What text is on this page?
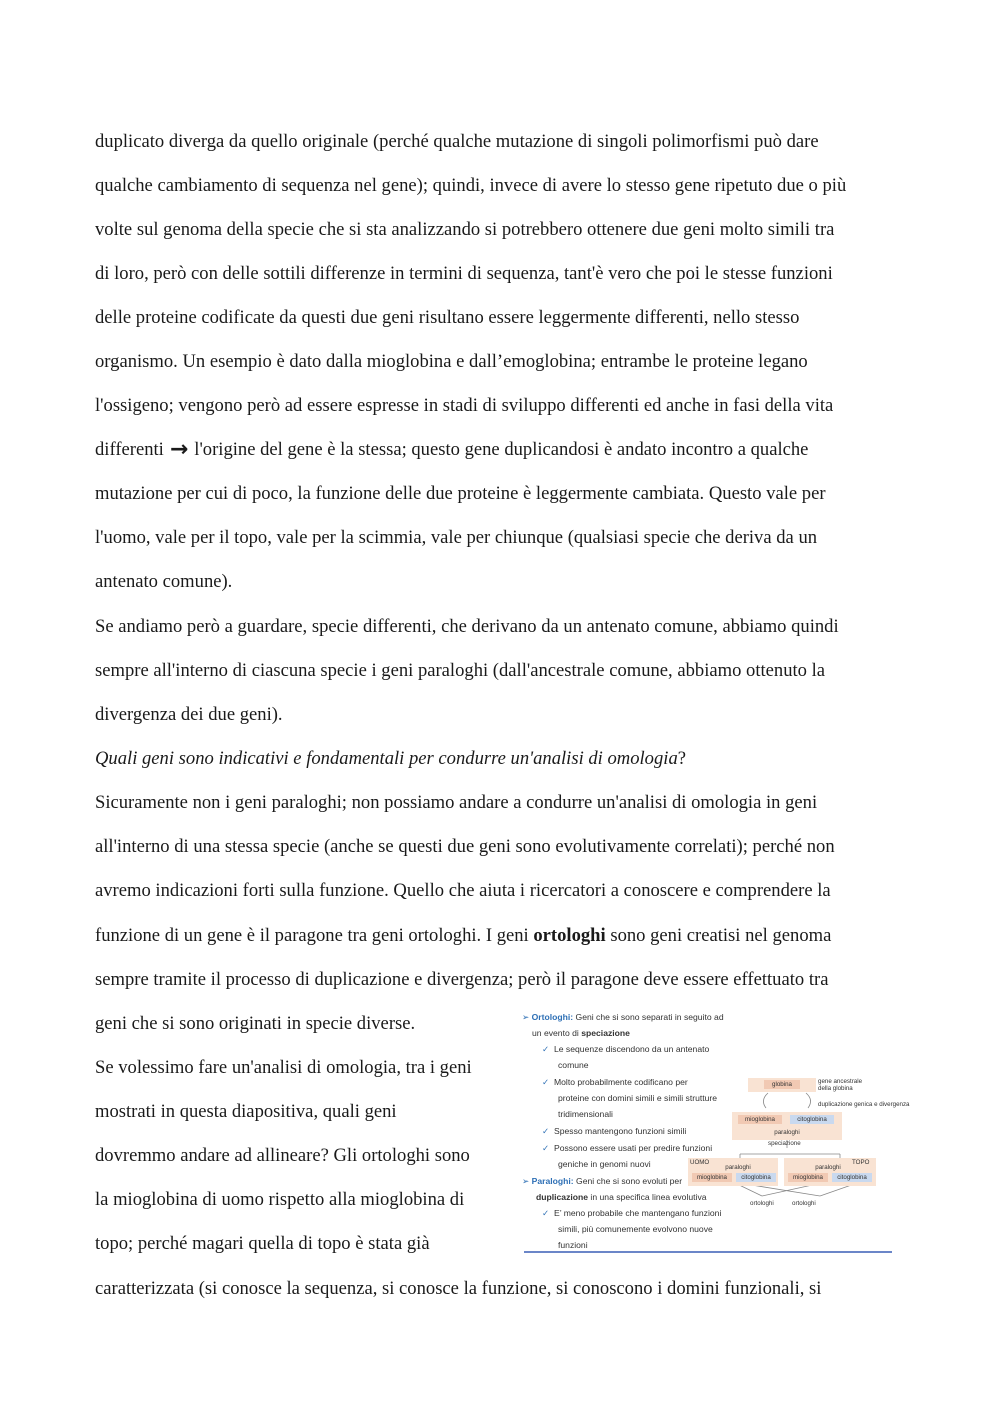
duplicato diverga da quello originale (perché qualche mutazione di singoli polimorfismi può dare
qualche cambiamento di sequenza nel gene); quindi, invece di avere lo stesso gene ripetuto due o più
volte sul genoma della specie che si sta analizzando si potrebbero ottenere due geni molto simili tra
di loro, però con delle sottili differenze in termini di sequenza, tant'è vero che poi le stesse funzioni
delle proteine codificate da questi due geni risultano essere leggermente differenti, nello stesso
organismo. Un esempio è dato dalla mioglobina e dall’emoglobina; entrambe le proteine legano
l'ossigeno; vengono però ad essere espresse in stadi di sviluppo differenti ed anche in fasi della vita
differenti → l'origine del gene è la stessa; questo gene duplicandosi è andato incontro a qualche
mutazione per cui di poco, la funzione delle due proteine è leggermente cambiata. Questo vale per
l'uomo, vale per il topo, vale per la scimmia, vale per chiunque (qualsiasi specie che deriva da un
antenato comune).
Se andiamo però a guardare, specie differenti, che derivano da un antenato comune, abbiamo quindi
sempre all'interno di ciascuna specie i geni paraloghi (dall'ancestrale comune, abbiamo ottenuto la
divergenza dei due geni).
Quali geni sono indicativi e fondamentali per condurre un'analisi di omologia?
Sicuramente non i geni paraloghi; non possiamo andare a condurre un'analisi di omologia in geni
all'interno di una stessa specie (anche se questi due geni sono evolutivamente correlati); perché non
avremo indicazioni forti sulla funzione. Quello che aiuta i ricercatori a conoscere e comprendere la
funzione di un gene è il paragone tra geni ortologhi. I geni ortologhi sono geni creatisi nel genoma
sempre tramite il processo di duplicazione e divergenza; però il paragone deve essere effettuato tra
geni che si sono originati in specie diverse.
Se volessimo fare un'analisi di omologia, tra i geni
mostrati in questa diapositiva, quali geni
dovremmo andare ad allineare? Gli ortologhi sono
la mioglobina di uomo rispetto alla mioglobina di
topo; perché magari quella di topo è stata già
caratterizzata (si conosce la sequenza, si conosce la funzione, si conoscono i domini funzionali, si
➢ Ortologhi: Geni che si sono separati in seguito ad
un evento di speciazione
✓ Le sequenze discendono da un antenato
comune
✓ Molto probabilmente codificano per
proteine con domini simili e simili strutture
tridimensionali
✓ Spesso mantengono funzioni simili
✓ Possono essere usati per predire funzioni
geniche in genomi nuovi
➢ Paraloghi: Geni che si sono evoluti per
duplicazione in una specifica linea evolutiva
✓ E’ meno probabile che mantengano funzioni
simili, più comunemente evolvono nuove
funzioni
globina	gene ancestrale
della globina
duplicazione genica e divergenza
mioglobina	citoglobina
paraloghi
speciazione
UOMO
paraloghi
mioglobina	citoglobina
TOPO
paraloghi
mioglobina	citoglobina
ortologhi	ortologhi
